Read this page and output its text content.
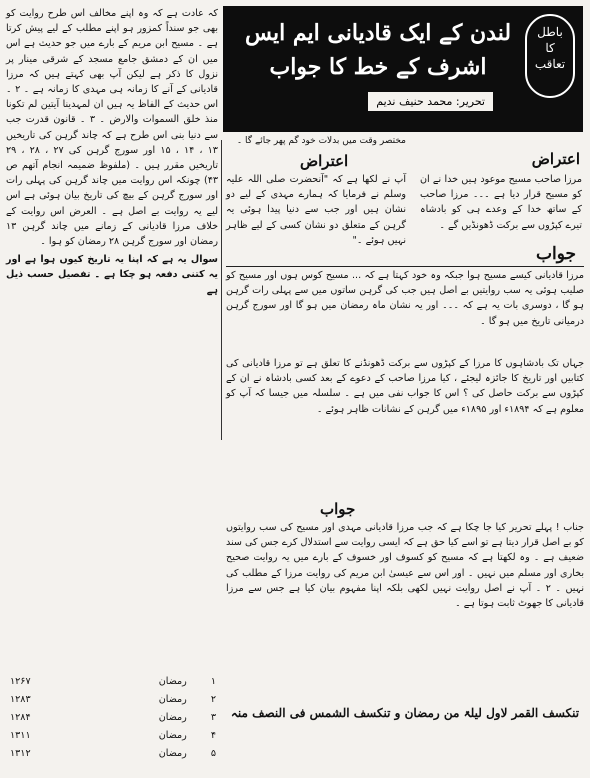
باطل
کا
تعاقب
لندن کے ایک قادیانی ایم ایس اشرف کے خط کا جواب
تحریر: محمد حنیف ندیم

کہ عادت ہے کہ وہ اپنے مخالف اس طرح روایت کو بھی جو سنداً کمزور ہو اپنے مطلب کے لیے پیش کرتا ہے ۔ مسیح ابن مریم کے بارے میں جو حدیث ہے اس میں ان کے دمشق جامع مسجد کے شرقی مینار پر نزول کا ذکر ہے لیکن آپ بھی کہتے ہیں کہ مرزا قادیانی کے آنے کا زمانہ ہی مہدی کا زمانہ ہے ۔ ۲ ۔ اس حدیث کے الفاظ یہ ہیں ان لمہدینا آیتین لم تکونا منذ خلق السموات والارض ۔ ۳ ۔ قانون قدرت جب سے دنیا بنی اس طرح ہے کہ چاند گرہن کی تاریخیں ۱۳ ، ۱۴ ، ۱۵ اور سورج گرہن کی ۲۷ ، ۲۸ ، ۲۹ تاریخیں مقرر ہیں ۔ (ملفوظ ضمیمہ انجام آتھم ص ۴۳) چونکہ اس روایت میں چاند گرہن کی پہلی رات اور سورج گرہن کے بیچ کی تاریخ بیان ہوئی ہے اس لیے یہ روایت بے اصل ہے ۔ العرض اس روایت کے خلاف مرزا قادیانی کے زمانے میں چاند گرہن ۱۳ رمضان اور سورج گرہن ۲۸ رمضان کو ہوا ۔

سوال یہ ہے کہ اپنا یہ تاریخ کیوں ہوا ہے اور یہ کتنی دفعہ ہو چکا ہے ۔ تفصیل حسب ذیل ہے

۱	رمضان	۱۲۶۷
۲	رمضان	۱۲۸۳
۳	رمضان	۱۲۸۴
۴	رمضان	۱۳۱۱
۵	رمضان	۱۳۱۲
اعتراض
مرزا صاحب مسیح موعود ہیں خدا نے ان کو مسیح قرار دیا ہے ۔۔۔ مرزا صاحب کے ساتھ خدا کے وعدے ہی کو بادشاہ تیرے کپڑوں سے برکت ڈھونڈیں گے ۔
مختصر وقت میں بدلات خود گم پھر جائے گا ۔
اعتراض
آپ نے لکھا ہے کہ "آنحضرت صلی اللہ علیہ وسلم نے فرمایا کہ ہمارے مہدی کے لیے دو نشان ہیں اور جب سے دنیا پیدا ہوئی یہ گرہن کے متعلق دو نشان کسی کے لیے ظاہر نہیں ہوئے ۔"
جواب
مرزا قادیانی کیسے مسیح ہوا جبکہ وہ خود کہتا ہے کہ ... مسیح کوس ہوں اور مسیح کو صلیب ہوئی یہ سب روایتیں بے اصل ہیں جب کی گرہن ساتوں میں سے پہلی رات گرہن ہو گا ، دوسری بات یہ ہے کہ ۔۔۔ اور یہ نشان ماہ رمضان میں ہو گا اور سورج گرہن درمیانی تاریخ میں ہو گا ۔
جہاں تک بادشاہوں کا مرزا کے کپڑوں سے برکت ڈھونڈنے کا تعلق ہے تو مرزا قادیانی کی کتابیں اور تاریخ کا جائزہ لیجئے ، کیا مرزا صاحب کے دعوے کے بعد کسی بادشاہ نے ان کے کپڑوں سے برکت حاصل کی ؟ اس کا جواب نفی میں ہے ۔ سلسلہ میں جیسا کہ آپ کو معلوم ہے کہ ۱۸۹۴ء اور ۱۸۹۵ء میں گرہن کے نشانات ظاہر ہوئے ۔
جواب
جناب ! پہلے تحریر کیا جا چکا ہے کہ جب مرزا قادیانی مہدی اور مسیح کی سب روایتوں کو بے اصل قرار دیتا ہے تو اسے کیا حق ہے کہ ایسی روایت سے استدلال کرے جس کی سند ضعیف ہے ۔ وہ لکھتا ہے کہ مسیح کو کسوف اور خسوف کے بارے میں یہ روایت صحیح بخاری اور مسلم میں نہیں ۔ اور اس سے عیسیٰ ابن مریم کی روایت مرزا کے مطلب کی نہیں ۔ ۲ ۔ آپ نے اصل روایت نہیں لکھی بلکہ اپنا مفہوم بیان کیا ہے جس سے مرزا قادیانی کا جھوٹ ثابت ہوتا ہے ۔
تنکسف القمر لاول لیلۃ من رمضان و تنکسف الشمس فی النصف منہ
